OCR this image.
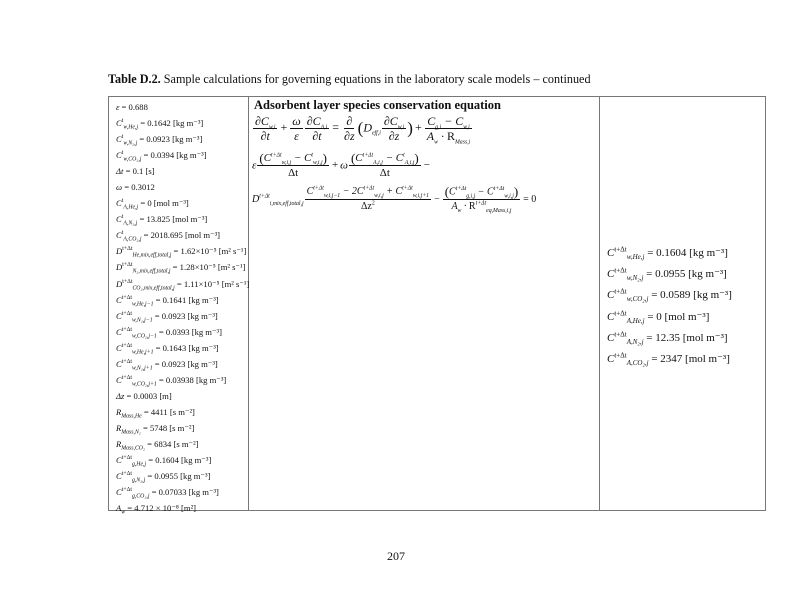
Table D.2. Sample calculations for governing equations in the laboratory scale models – continued
ε = 0.688
$C^t_{w,He,j} = 0.1642$ [kg m⁻³]
$C^t_{w,N_2,j} = 0.0923$ [kg m⁻³]
$C^t_{w,CO_2,j} = 0.0394$ [kg m⁻³]
Δt = 0.1 [s]
ω = 0.3012
$C^t_{A,He,j} = 0$ [mol m⁻³]
$C^t_{A,N_2,j} = 13.825$ [mol m⁻³]
$C^t_{A,CO_2,j} = 2018.695$ [mol m⁻³]
$D^{t+\Delta t}_{He,mix,eff,total,j} = 1.62\times 10^{-5}$ [m² s⁻¹]
$D^{t+\Delta t}_{N_2,mix,eff,total,j} = 1.28\times 10^{-5}$ [m² s⁻¹]
$D^{t+\Delta t}_{CO_2,mix,eff,total,j} = 1.11\times 10^{-5}$ [m² s⁻¹]
$C^{t+\Delta t}_{w,He,j-1} = 0.1641$ [kg m⁻³]
$C^{t+\Delta t}_{w,N_2,j-1} = 0.0923$ [kg m⁻³]
$C^{t+\Delta t}_{w,CO_2,j-1} = 0.0393$ [kg m⁻³]
$C^{t+\Delta t}_{w,He,j+1} = 0.1643$ [kg m⁻³]
$C^{t+\Delta t}_{w,N_2,j+1} = 0.0923$ [kg m⁻³]
$C^{t+\Delta t}_{w,CO_2,j+1} = 0.03938$ [kg m⁻³]
Δz = 0.0003 [m]
$R_{Mass,He} = 4411$ [s m⁻²]
$R_{Mass,N_2} = 5748$ [s m⁻²]
$R_{Mass,CO_2} = 6834$ [s m⁻²]
$C^{t+\Delta t}_{g,He,j} = 0.1604$ [kg m⁻³]
$C^{t+\Delta t}_{g,N_2,j} = 0.0955$ [kg m⁻³]
$C^{t+\Delta t}_{g,CO_2,j} = 0.07033$ [kg m⁻³]
$A_w = 4.712 \times 10^{-8}$ [m²]
Adsorbent layer species conservation equation
$\frac{\partial C_{w,i}}{\partial t} + \frac{\omega}{\varepsilon} \frac{\partial C_{A,i}}{\partial t} = \frac{\partial}{\partial z} (D_{eff,i} \frac{\partial C_{w,i}}{\partial z}$ ) + $\frac{C_{g,i} - C_{w,i}}{A_w \cdot R_{Mass,i}}$
ε $\frac{(C^{t+\Delta t}_{w,i,j} - C^t_{w,i,j})}{\Delta t} + \omega \frac{(C^{t+\Delta t}_{A,i,j} - C^t_{A,i,j})}{\Delta t}$ −
$D^{t+\Delta t}_{i,mix,eff,total,j} \frac{C^{t+\Delta t}_{w,i,j-1} - 2C^{t+\Delta t}_{w,i,j} + C^{t+\Delta t}_{w,i,j+1}}{\Delta z^2} - \frac{(C^{t+\Delta t}_{g,i,j} - C^{t+\Delta t}_{w,i,j})}{A_w \cdot R^{t+\Delta t}_{eq,Mass,i,j}} = 0$
$C^{t+\Delta t}_{w,He,j} = 0.1604$ [kg m⁻³]
$C^{t+\Delta t}_{w,N_2,j} = 0.0955$ [kg m⁻³]
$C^{t+\Delta t}_{w,CO_2,j} = 0.0589$ [kg m⁻³]
$C^{t+\Delta t}_{A,He,j} = 0$ [mol m⁻³]
$C^{t+\Delta t}_{A,N_2,j} = 12.35$ [mol m⁻³]
$C^{t+\Delta t}_{A,CO_2,j} = 2347$ [mol m⁻³]
207
